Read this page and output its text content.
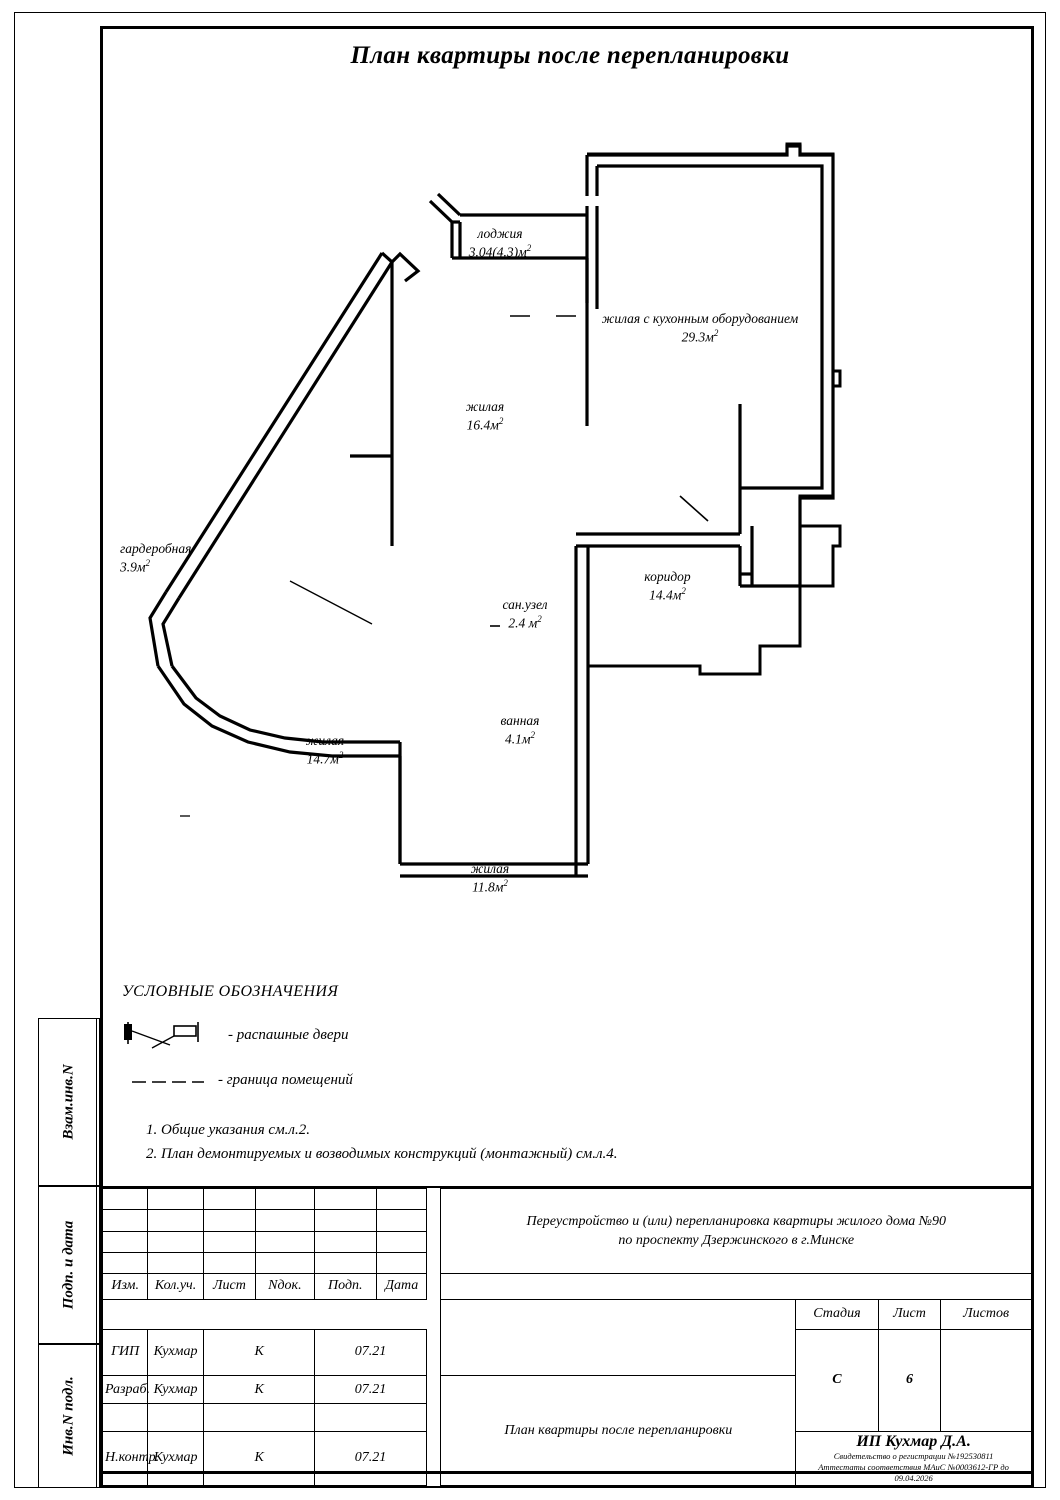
Взам.инв.N
Подп. и дата
Инв.N подл.
План квартиры после перепланировки
лоджия
$3.04(4.3)м^2$
жилая с кухонным оборудованием
$29.3м^2$
жилая
$16.4м^2$
гардеробная
$3.9м^2$
коридор
$14.4м^2$
сан.узел
2.4 $м^2$
ванная
$4.1м^2$
жилая
$14.7м^2$
жилая
$11.8м^2$
УСЛОВНЫЕ ОБОЗНАЧЕНИЯ
- распашные двери
- граница помещений
1. Общие указания см.л.2.
2. План демонтируемых и возводимых конструкций (монтажный) см.л.4.

							Переустройство и (или) перепланировка квартиры жилого дома №90
по проспекту Дзержинского в г.Минске			

Изм.	Кол.уч.	Лист	Nдок.	Подп.	Дата					
								Стадия	Лист	Листов
ГИП	Кухмар	К		07.21				С	6	
Разраб.	Кухмар	К		07.21			План квартиры после перепланировки			

Н.контр.	Кухмар	К		07.21				ИП Кухмар Д.А.
Свидетельство о регистрации №192530811
Аттестаты соответствия МАиС №0003612-ГР до 09.04.2026		
